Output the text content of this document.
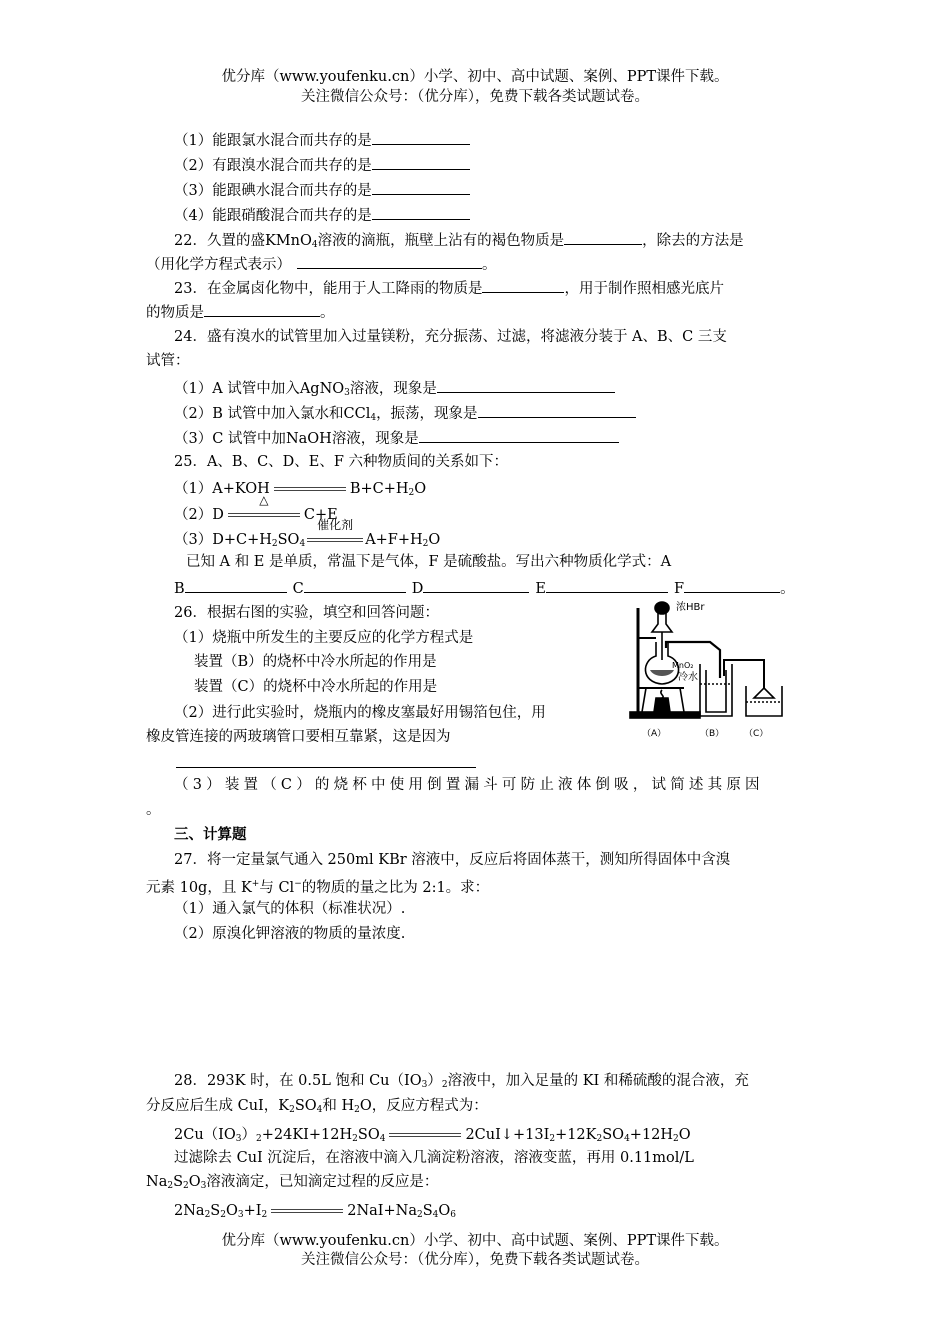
优分库（www.youfenku.cn）小学、初中、高中试题、案例、PPT课件下载。
关注微信公众号：（优分库），免费下载各类试题试卷。
（1）能跟氯水混合而共存的是
（2）有跟溴水混合而共存的是
（3）能跟碘水混合而共存的是
（4）能跟硝酸混合而共存的是
22．久置的盛KMnO$_4$溶液的滴瓶，瓶壁上沾有的褐色物质是	，除去的方法是
（用化学方程式表示）	。
23．在金属卤化物中，能用于人工降雨的物质是	，用于制作照相感光底片
的物质是	。
24．盛有溴水的试管里加入过量镁粉，充分振荡、过滤，将滤液分装于 A、B、C 三支
试管：
（1）A 试管中加入AgNO$_3$溶液，现象是
（2）B 试管中加入氯水和CCl$_4$，振荡，现象是
（3）C 试管中加NaOH溶液，现象是
25．A、B、C、D、E、F 六种物质间的关系如下：
（1）A+KOH	$B+C+H_2O$
（2）D
△
C+E
$(3)D+C+H_2SO_4$
催化剂
$A+F+H_2O$
已知 A 和 E 是单质，常温下是气体，F 是硫酸盐。写出六种物质化学式：A
B	C	D	E	F	。
26．根据右图的实验，填空和回答问题：
（1）烧瓶中所发生的主要反应的化学方程式是
装置（B）的烧杯中冷水所起的作用是
装置（C）的烧杯中冷水所起的作用是
（2）进行此实验时，烧瓶内的橡皮塞最好用锡箔包住，用
橡皮管连接的两玻璃管口要相互靠紧，这是因为
（3）装置（C）的烧杯中使用倒置漏斗可防止液体倒吸，试简述其原因
。
浓HBr
MnO₂
冷水
（A）	（B） （C）
三、计算题
27．将一定量氯气通入 250ml KBr 溶液中，反应后将固体蒸干，测知所得固体中含溴
元素 10g，且 K+与 Cl−的物质的量之比为 2:1。求：
（1）通入氯气的体积（标准状况）.
（2）原溴化钾溶液的物质的量浓度.
28．293K 时，在 0.5L 饱和 $Cu(IO_3)_2$溶液中，加入足量的 KI 和稀硫酸的混合液，充
分反应后生成 CuI，$K_2SO_4$和 $H_2O$，反应方程式为：
$2Cu(IO_3)_2+24KI+12H_2SO_4$	$2CuI↓+13I_2+12K_2SO_4+12H_2O$
过滤除去 CuI 沉淀后，在溶液中滴入几滴淀粉溶液，溶液变蓝，再用 0.11mol/L
$Na_2S_2O_3$溶液滴定，已知滴定过程的反应是：
$2Na_2S_2O_3+I_2$	$2NaI+Na_2S_4O_6$
优分库（www.youfenku.cn）小学、初中、高中试题、案例、PPT课件下载。
关注微信公众号：（优分库），免费下载各类试题试卷。
